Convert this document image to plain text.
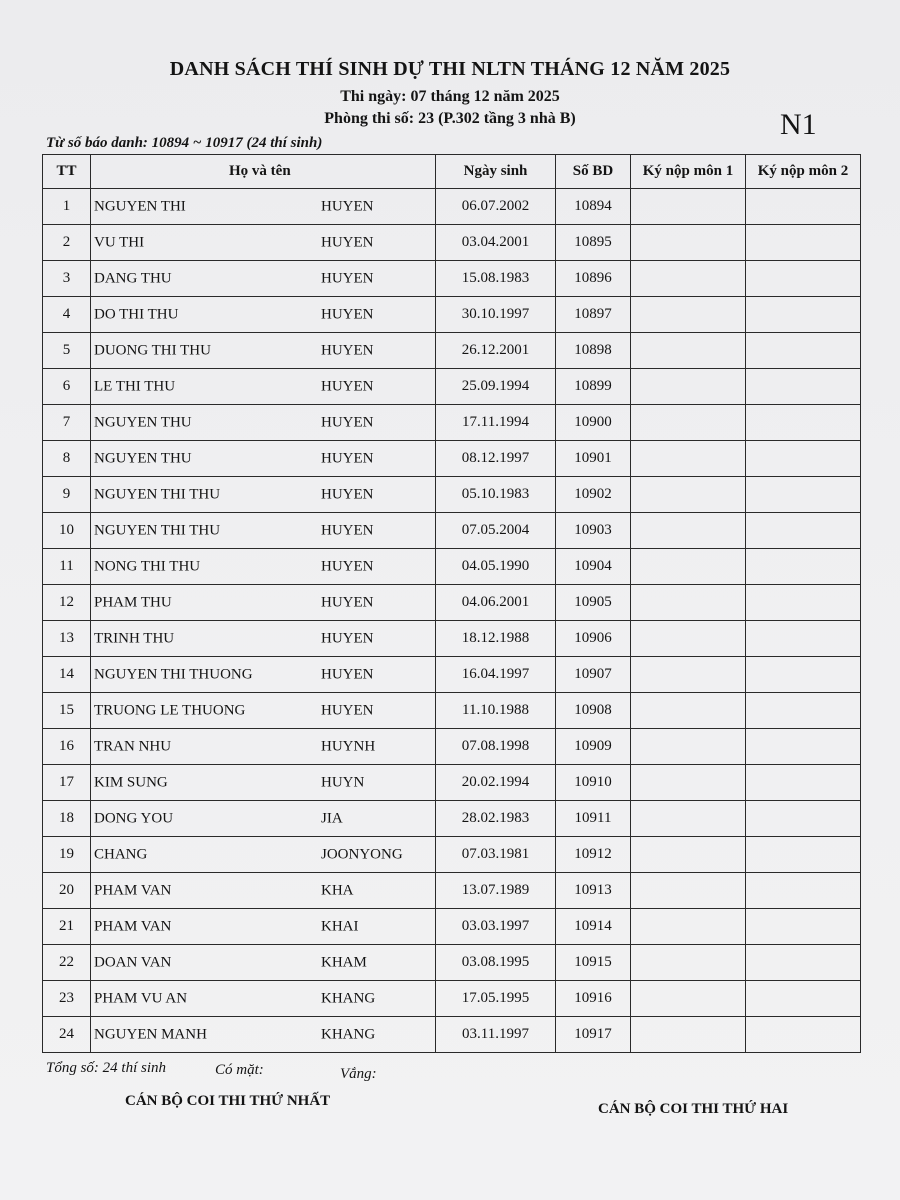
DANH SÁCH THÍ SINH DỰ THI NLTN THÁNG 12 NĂM 2025
Thi ngày: 07 tháng 12 năm 2025
Phòng thi số: 23 (P.302 tầng 3 nhà B)	N1
Từ số báo danh: 10894 ~ 10917 (24 thí sinh)
TT	Họ và tên	Ngày sinh	Số BD	Ký nộp môn 1	Ký nộp môn 2
1	NGUYEN THI HUYEN	06.07.2002	10894		
2	VU THI HUYEN	03.04.2001	10895		
3	DANG THU HUYEN	15.08.1983	10896		
4	DO THI THU HUYEN	30.10.1997	10897		
5	DUONG THI THU HUYEN	26.12.2001	10898		
6	LE THI THU HUYEN	25.09.1994	10899		
7	NGUYEN THU HUYEN	17.11.1994	10900		
8	NGUYEN THU HUYEN	08.12.1997	10901		
9	NGUYEN THI THU HUYEN	05.10.1983	10902		
10	NGUYEN THI THU HUYEN	07.05.2004	10903		
11	NONG THI THU HUYEN	04.05.1990	10904		
12	PHAM THU HUYEN	04.06.2001	10905		
13	TRINH THU HUYEN	18.12.1988	10906		
14	NGUYEN THI THUONG HUYEN	16.04.1997	10907		
15	TRUONG LE THUONG HUYEN	11.10.1988	10908		
16	TRAN NHU HUYNH	07.08.1998	10909		
17	KIM SUNG HUYN	20.02.1994	10910		
18	DONG YOU JIA	28.02.1983	10911		
19	CHANG JOONYONG	07.03.1981	10912		
20	PHAM VAN KHA	13.07.1989	10913		
21	PHAM VAN KHAI	03.03.1997	10914		
22	DOAN VAN KHAM	03.08.1995	10915		
23	PHAM VU AN KHANG	17.05.1995	10916		
24	NGUYEN MANH KHANG	03.11.1997	10917		
Tổng số: 24 thí sinh	Có mặt:	Vắng:
CÁN BỘ COI THI THỨ NHẤT	CÁN BỘ COI THI THỨ HAI
